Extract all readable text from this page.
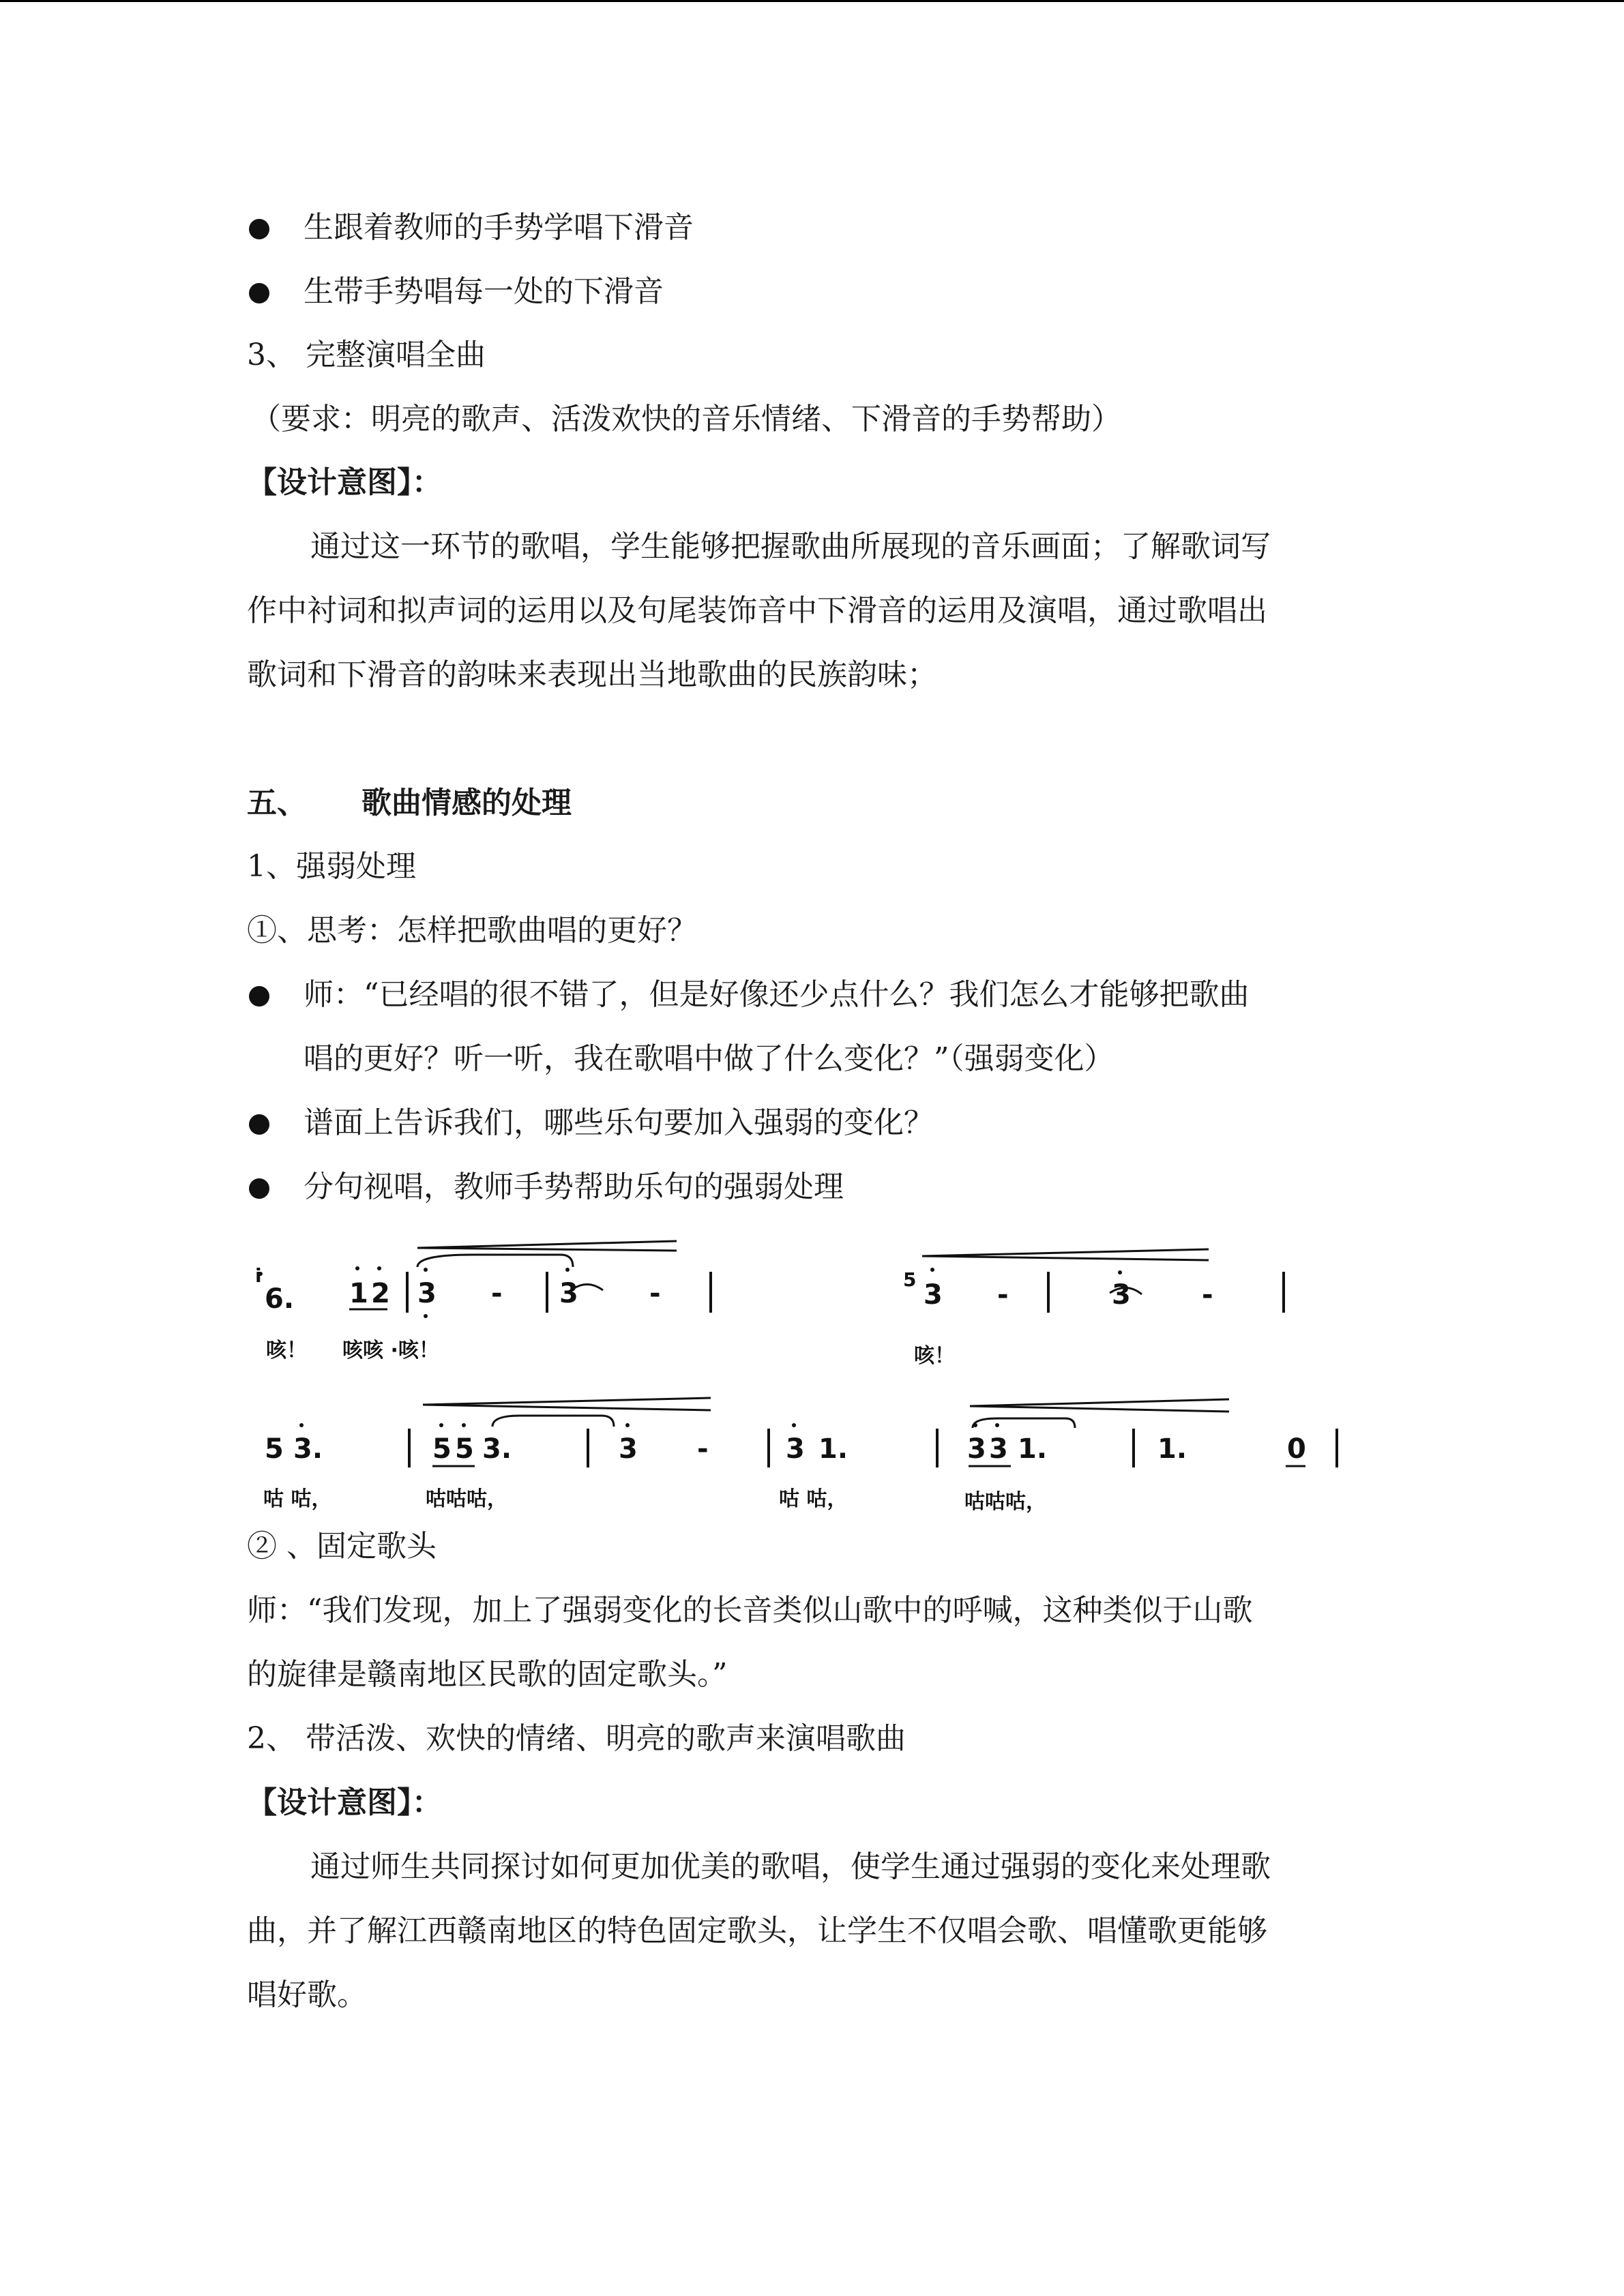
生跟着教师的手势学唱下滑音
生带手势唱每一处的下滑音
3、 完整演唱全曲
（要求：明亮的歌声、活泼欢快的音乐情绪、下滑音的手势帮助）
【设计意图】：
通过这一环节的歌唱，学生能够把握歌曲所展现的音乐画面；了解歌词写
作中衬词和拟声词的运用以及句尾装饰音中下滑音的运用及演唱，通过歌唱出
歌词和下滑音的韵味来表现出当地歌曲的民族韵味；
五、 歌曲情感的处理
1、强弱处理
①、思考：怎样把歌曲唱的更好？
师：“已经唱的很不错了，但是好像还少点什么？我们怎么才能够把歌曲
唱的更好？听一听，我在歌唱中做了什么变化？”（强弱变化）
谱面上告诉我们，哪些乐句要加入强弱的变化？
分句视唱，教师手势帮助乐句的强弱处理
i
6. 1 2 3 - 3	-
咳！ 咳咳 ·咳！
5 3 -	3	-
咳！
5 3.	5 5 3.	3 -	3 1.	3 3 1.	1.	0
咕 咕，	咕咕咕，	咕 咕，	咕咕咕，
② 、固定歌头
师：“我们发现，加上了强弱变化的长音类似山歌中的呼喊，这种类似于山歌
的旋律是赣南地区民歌的固定歌头。”
2、 带活泼、欢快的情绪、明亮的歌声来演唱歌曲
【设计意图】：
通过师生共同探讨如何更加优美的歌唱，使学生通过强弱的变化来处理歌
曲，并了解江西赣南地区的特色固定歌头，让学生不仅唱会歌、唱懂歌更能够
唱好歌。
